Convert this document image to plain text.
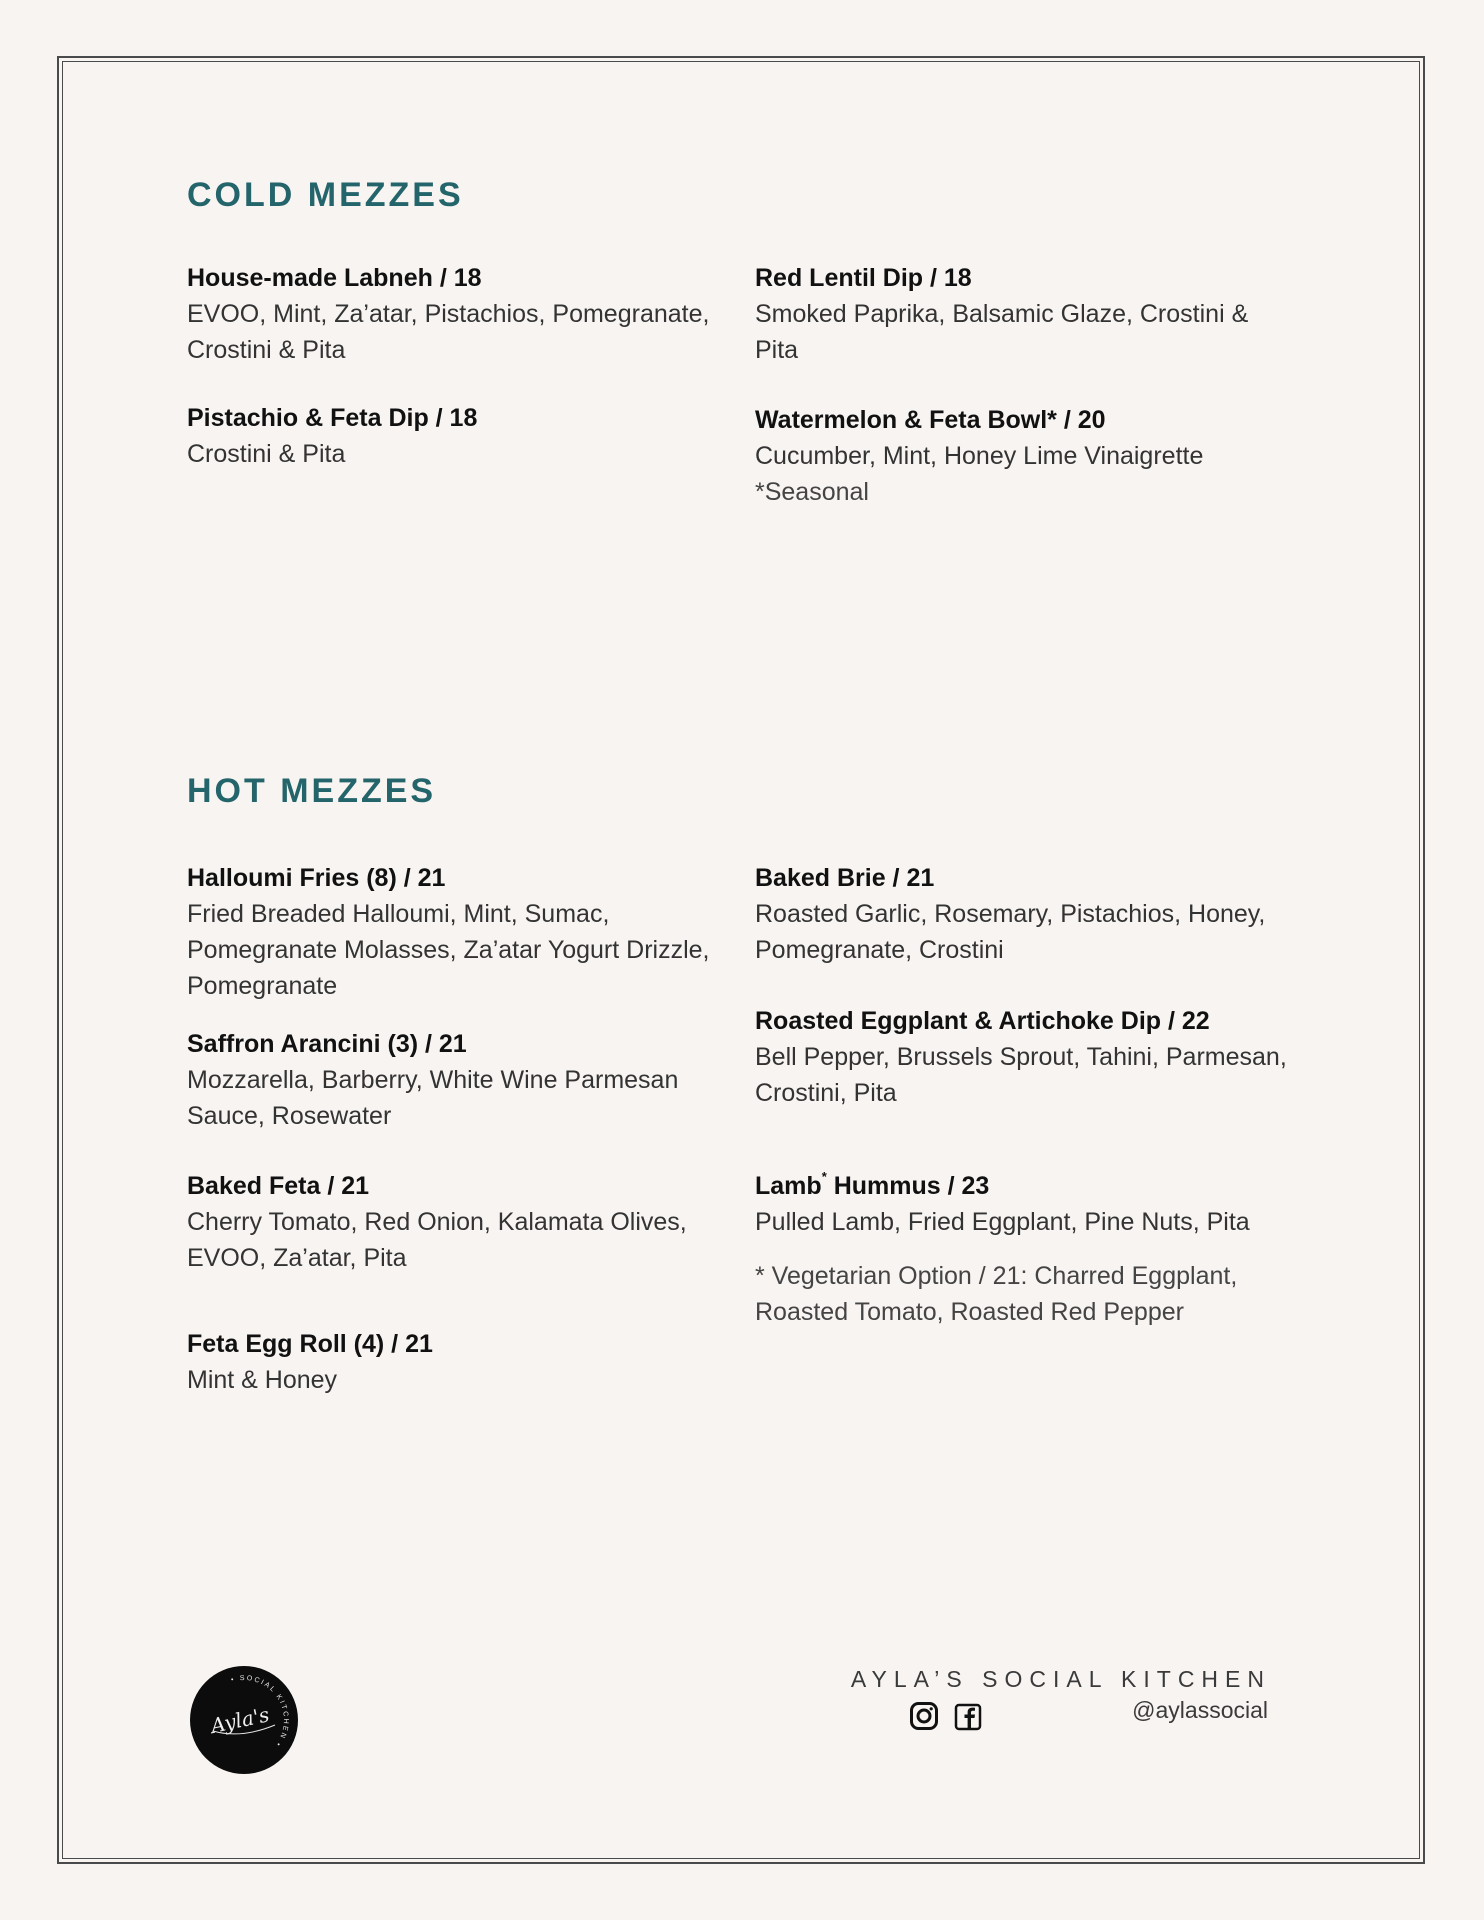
COLD MEZZES
House-made Labneh / 18
EVOO, Mint, Za’atar, Pistachios, Pomegranate, Crostini & Pita
Red Lentil Dip / 18
Smoked Paprika, Balsamic Glaze, Crostini & Pita
Pistachio & Feta Dip / 18
Crostini & Pita
Watermelon & Feta Bowl* / 20
Cucumber, Mint, Honey Lime Vinaigrette
*Seasonal
HOT MEZZES
Halloumi Fries (8) / 21
Fried Breaded Halloumi, Mint, Sumac, Pomegranate Molasses, Za’atar Yogurt Drizzle, Pomegranate
Baked Brie / 21
Roasted Garlic, Rosemary, Pistachios, Honey, Pomegranate, Crostini
Saffron Arancini (3) / 21
Mozzarella, Barberry, White Wine Parmesan Sauce, Rosewater
Roasted Eggplant & Artichoke Dip / 22
Bell Pepper, Brussels Sprout, Tahini, Parmesan, Crostini, Pita
Baked Feta / 21
Cherry Tomato, Red Onion, Kalamata Olives, EVOO, Za’atar, Pita
Lamb* Hummus / 23
Pulled Lamb, Fried Eggplant, Pine Nuts, Pita
* Vegetarian Option / 21: Charred Eggplant, Roasted Tomato, Roasted Red Pepper
Feta Egg Roll (4) / 21
Mint & Honey
• SOCIAL KITCHEN •
Ayla's
AYLA’S SOCIAL KITCHEN
@aylassocial
